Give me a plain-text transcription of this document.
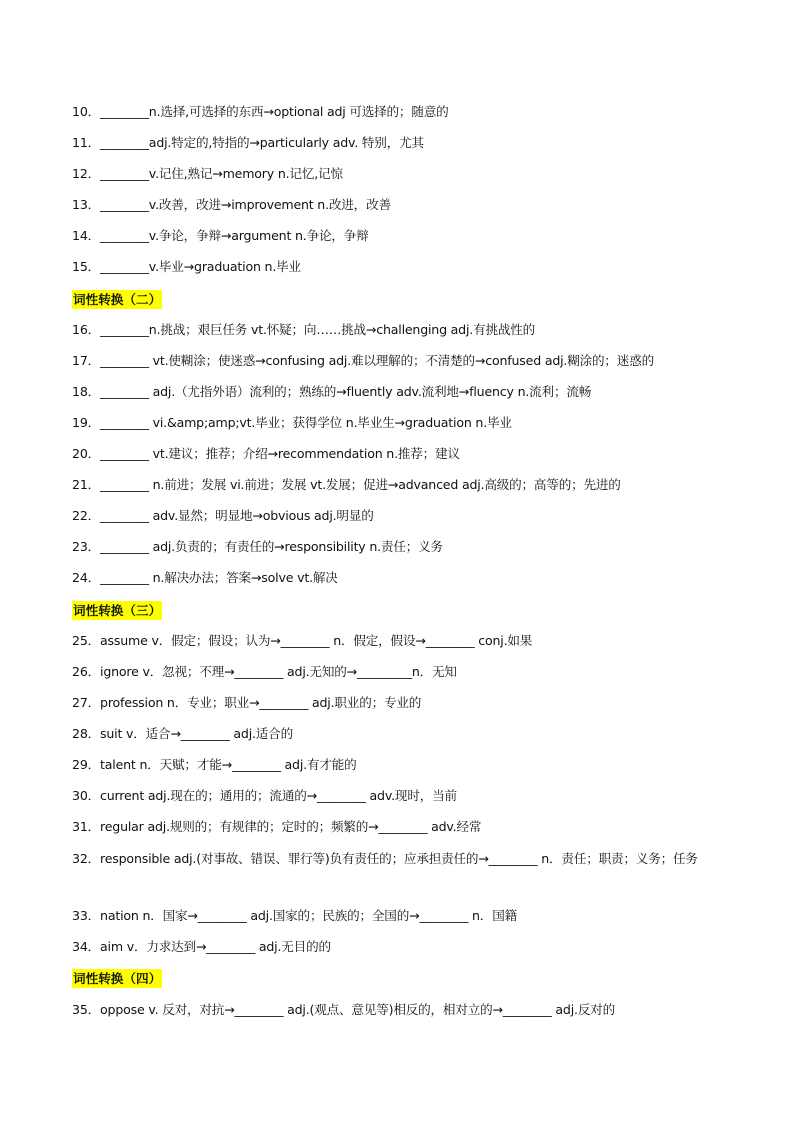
10．________n.选择,可选择的东西→optional adj 可选择的；随意的
11．________adj.特定的,特指的→particularly adv. 特别，尤其
12．________v.记住,熟记→memory n.记忆,记惊
13．________v.改善，改进→improvement n.改进，改善
14．________v.争论，争辩→argument n.争论，争辩
15．________v.毕业→graduation n.毕业
词性转换（二）
16．________n.挑战；艰巨任务 vt.怀疑；向……挑战→challenging adj.有挑战性的
17．________ vt.使糊涂；使迷惑→confusing adj.难以理解的；不清楚的→confused adj.糊涂的；迷惑的
18．________ adj.（尤指外语）流利的；熟练的→fluently adv.流利地→fluency n.流利；流畅
19．________ vi.&amp;amp;vt.毕业；获得学位 n.毕业生→graduation n.毕业
20．________ vt.建议；推荐；介绍→recommendation n.推荐；建议
21．________ n.前进；发展 vi.前进；发展 vt.发展；促进→advanced adj.高级的；高等的；先进的
22．________ adv.显然；明显地→obvious adj.明显的
23．________ adj.负责的；有责任的→responsibility n.责任；义务
24．________ n.解决办法；答案→solve vt.解决
词性转换（三）
25．assume v．假定；假设；认为→________ n．假定，假设→________ conj.如果
26．ignore v．忽视；不理→________ adj.无知的→_________n．无知
27．profession n．专业；职业→________ adj.职业的；专业的
28．suit v．适合→________ adj.适合的
29．talent n．天赋；才能→________ adj.有才能的
30．current adj.现在的；通用的；流通的→________ adv.现时，当前
31．regular adj.规则的；有规律的；定时的；频繁的→________ adv.经常
32．responsible adj.(对事故、错误、罪行等)负有责任的；应承担责任的→________ n．责任；职责；义务；任务
33．nation n．国家→________ adj.国家的；民族的；全国的→________ n．国籍
34．aim v．力求达到→________ adj.无目的的
词性转换（四）
35．oppose v. 反对，对抗→________ adj.(观点、意见等)相反的，相对立的→________ adj.反对的
